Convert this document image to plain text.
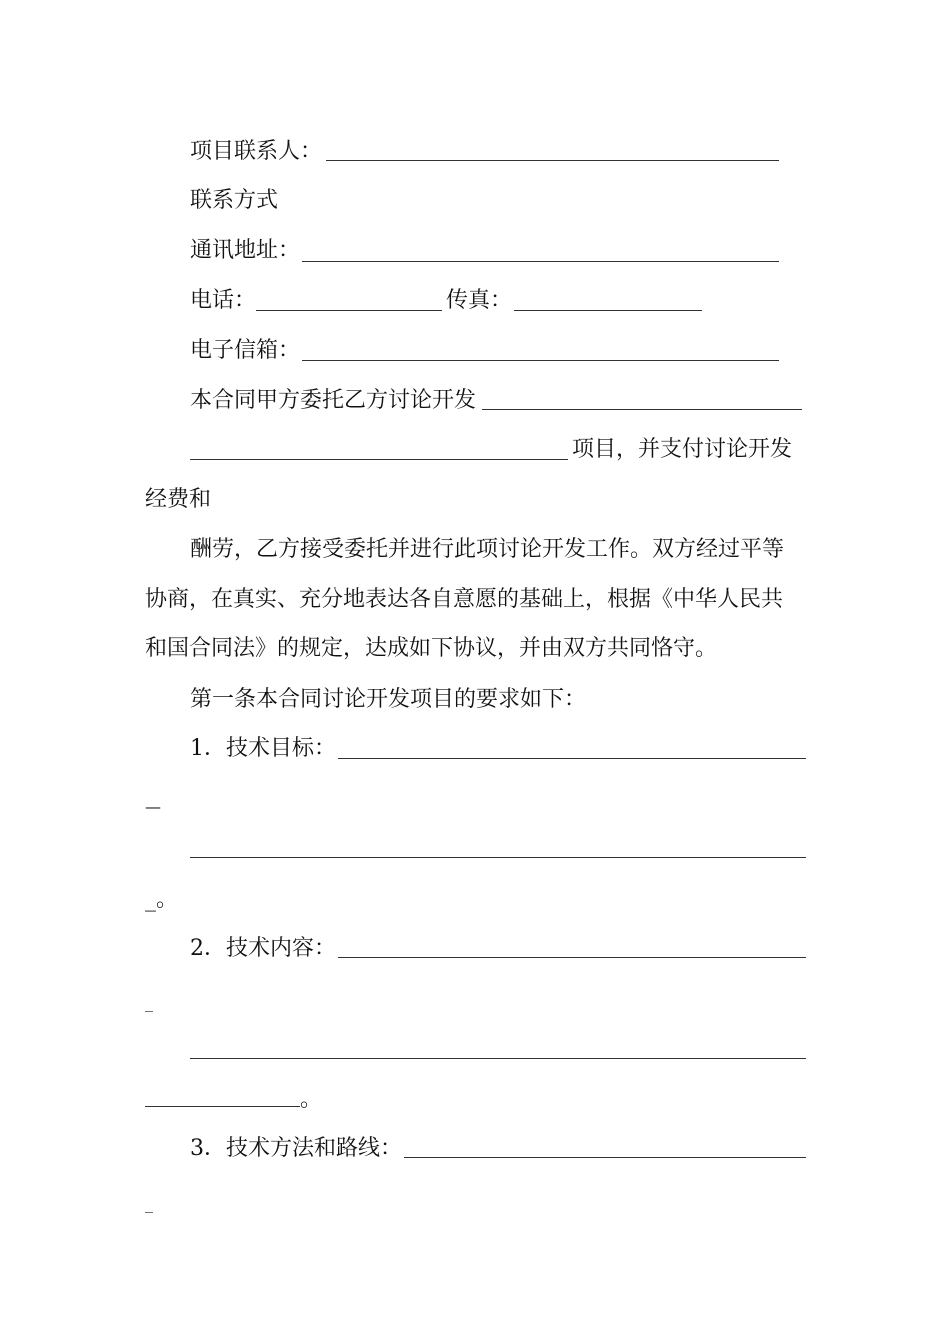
项目联系人：
联系方式
通讯地址：
电话：	传真：
电子信箱：
本合同甲方委托乙方讨论开发
项目，并支付讨论开发
经费和
酬劳，乙方接受委托并进行此项讨论开发工作。双方经过平等
协商，在真实、充分地表达各自意愿的基础上，根据《中华人民共
和国合同法》的规定，达成如下协议，并由双方共同恪守。
第一条本合同讨论开发项目的要求如下：
1．技术目标：
—
_。
2．技术内容：
_
。
3．技术方法和路线：
_
